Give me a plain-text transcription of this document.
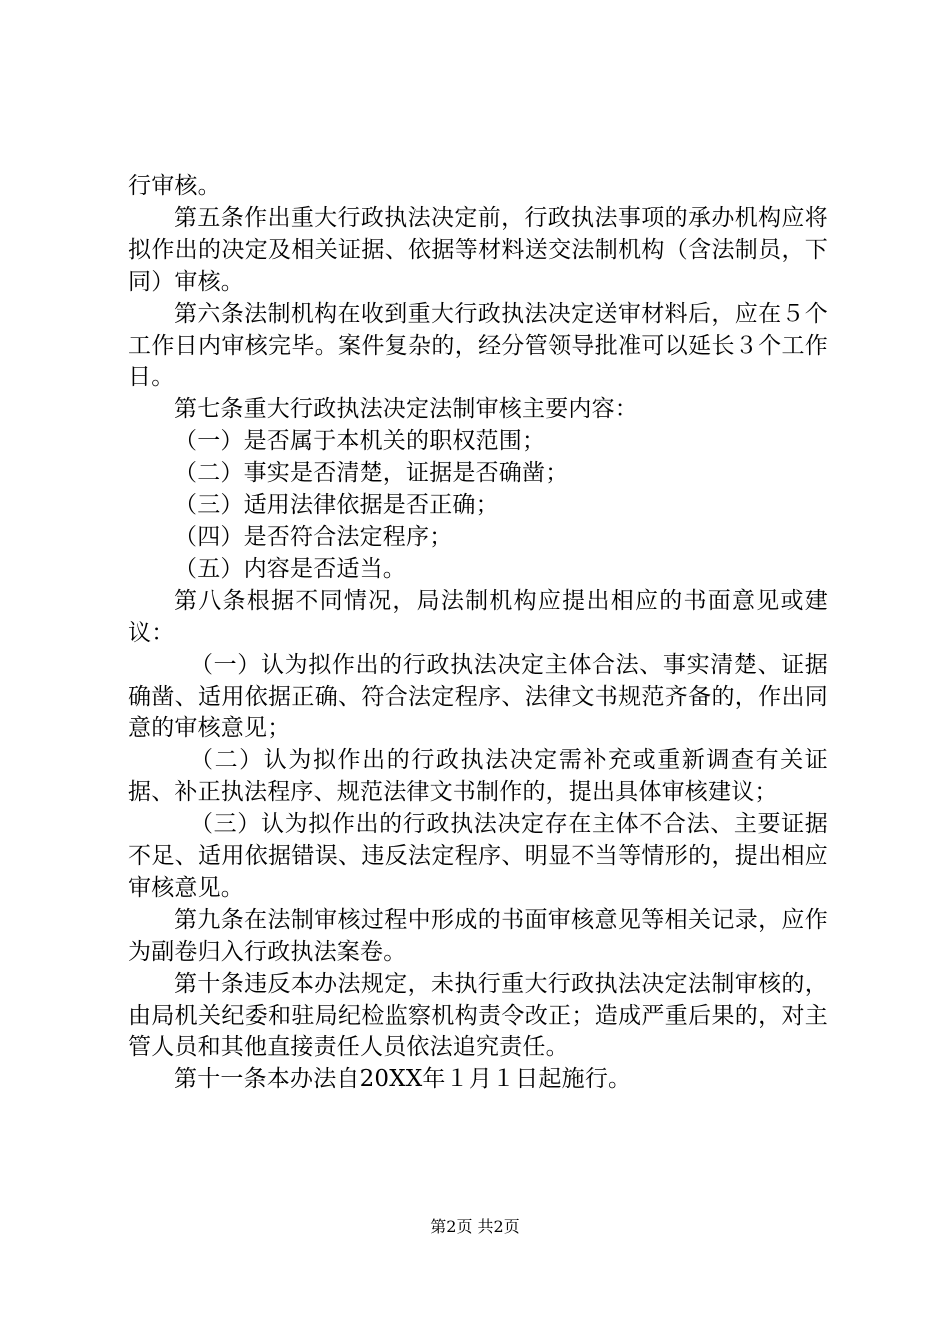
行审核。

第五条作出重大行政执法决定前，行政执法事项的承办机构应将拟作出的决定及相关证据、依据等材料送交法制机构（含法制员，下同）审核。

第六条法制机构在收到重大行政执法决定送审材料后，应在５个工作日内审核完毕。案件复杂的，经分管领导批准可以延长３个工作日。

第七条重大行政执法决定法制审核主要内容：

（一）是否属于本机关的职权范围；

（二）事实是否清楚，证据是否确凿；

（三）适用法律依据是否正确；

（四）是否符合法定程序；

（五）内容是否适当。

第八条根据不同情况，局法制机构应提出相应的书面意见或建议：

（一）认为拟作出的行政执法决定主体合法、事实清楚、证据确凿、适用依据正确、符合法定程序、法律文书规范齐备的，作出同意的审核意见；

（二）认为拟作出的行政执法决定需补充或重新调查有关证据、补正执法程序、规范法律文书制作的，提出具体审核建议；

（三）认为拟作出的行政执法决定存在主体不合法、主要证据不足、适用依据错误、违反法定程序、明显不当等情形的，提出相应审核意见。

第九条在法制审核过程中形成的书面审核意见等相关记录，应作为副卷归入行政执法案卷。

第十条违反本办法规定，未执行重大行政执法决定法制审核的，由局机关纪委和驻局纪检监察机构责令改正；造成严重后果的，对主管人员和其他直接责任人员依法追究责任。

第十一条本办法自20XX年１月１日起施行。

第2页 共2页
